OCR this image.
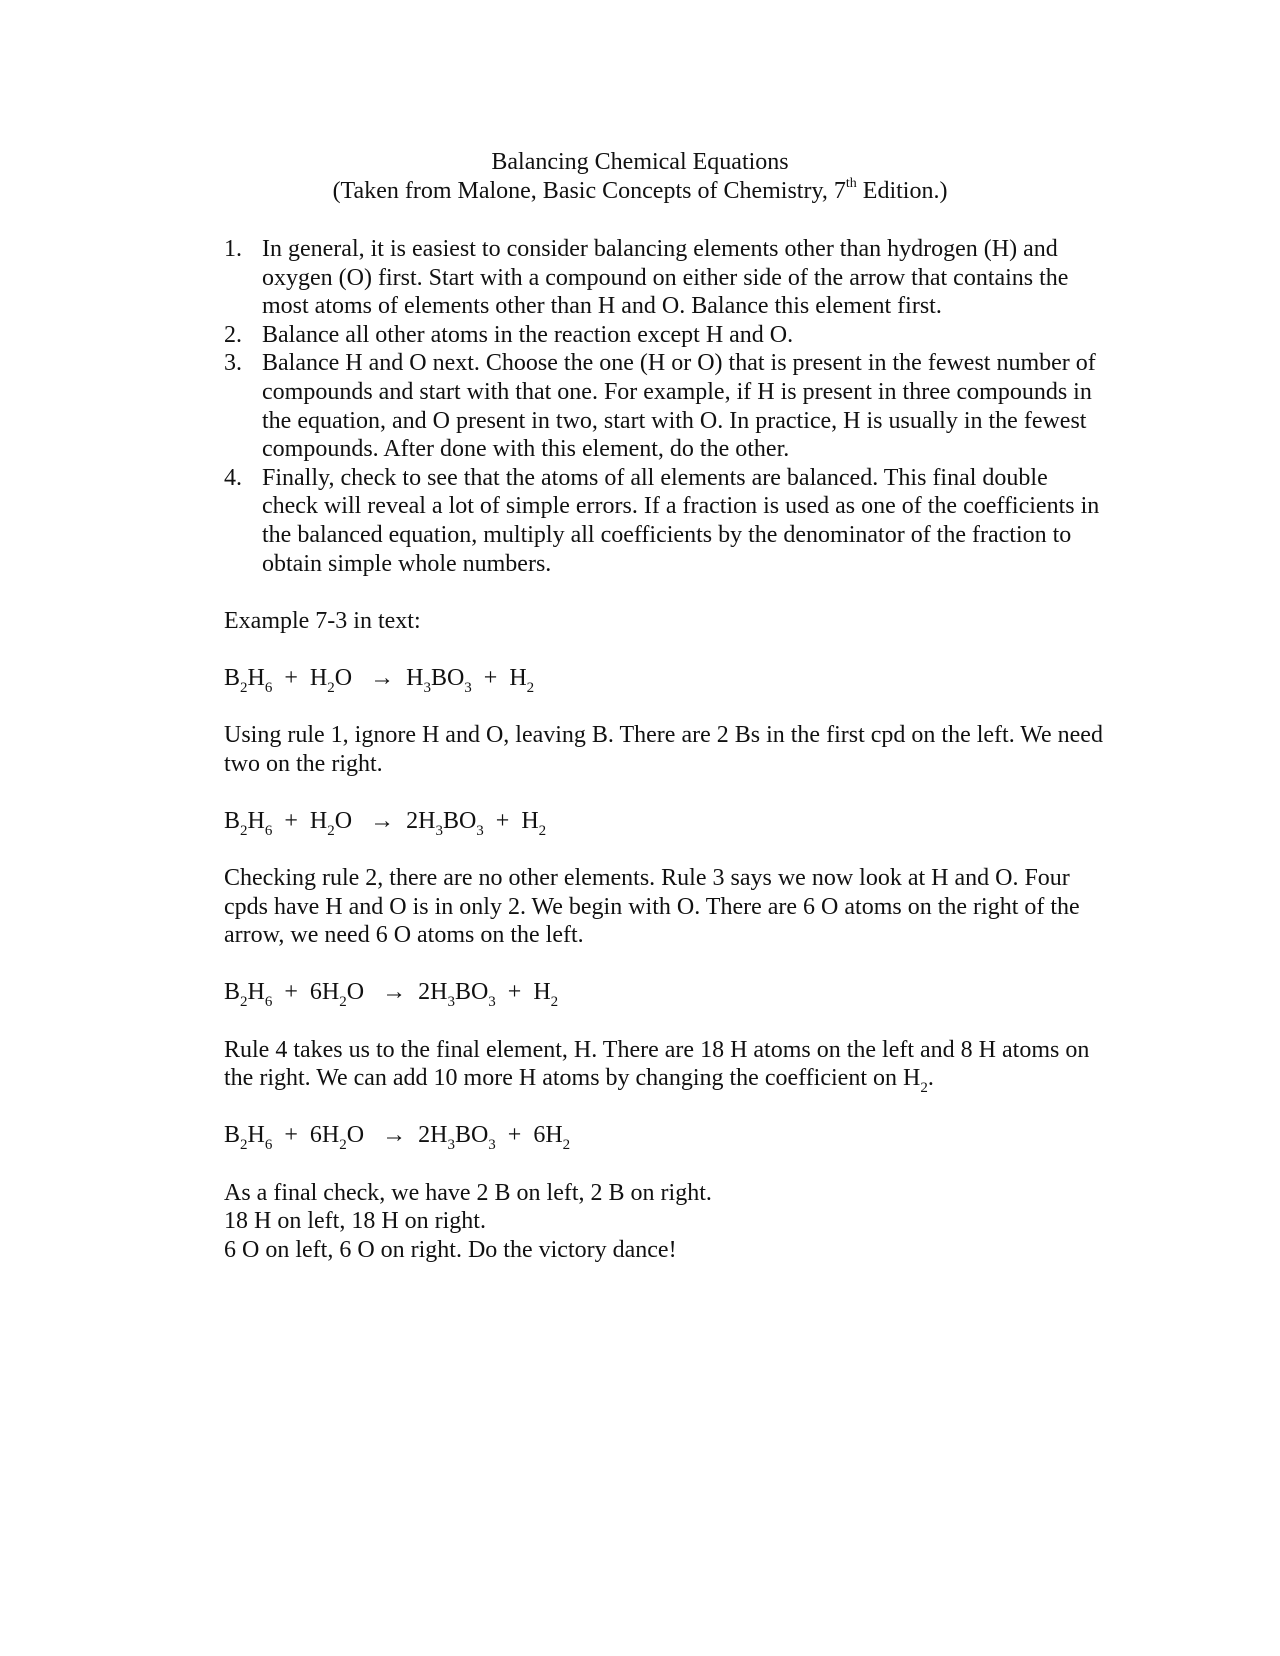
Balancing Chemical Equations
(Taken from Malone, Basic Concepts of Chemistry, 7th Edition.)
1. In general, it is easiest to consider balancing elements other than hydrogen (H) and oxygen (O) first. Start with a compound on either side of the arrow that contains the most atoms of elements other than H and O. Balance this element first.
2. Balance all other atoms in the reaction except H and O.
3. Balance H and O next. Choose the one (H or O) that is present in the fewest number of compounds and start with that one. For example, if H is present in three compounds in the equation, and O present in two, start with O. In practice, H is usually in the fewest compounds. After done with this element, do the other.
4. Finally, check to see that the atoms of all elements are balanced. This final double check will reveal a lot of simple errors. If a fraction is used as one of the coefficients in the balanced equation, multiply all coefficients by the denominator of the fraction to obtain simple whole numbers.

Example 7-3 in text:

$B_2H_6 + H_2O \to H_3BO_3 + H_2$

Using rule 1, ignore H and O, leaving B. There are 2 Bs in the first cpd on the left. We need two on the right.

$B_2H_6 + H_2O \to 2H_3BO_3 + H_2$

Checking rule 2, there are no other elements. Rule 3 says we now look at H and O. Four cpds have H and O is in only 2. We begin with O. There are 6 O atoms on the right of the arrow, we need 6 O atoms on the left.

$B_2H_6 + 6H_2O \to 2H_3BO_3 + H_2$

Rule 4 takes us to the final element, H. There are 18 H atoms on the left and 8 H atoms on the right. We can add 10 more H atoms by changing the coefficient on $H_2$.

$B_2H_6 + 6H_2O \to 2H_3BO_3 + 6H_2$

As a final check, we have 2 B on left, 2 B on right.

18 H on left, 18 H on right.

6 O on left, 6 O on right. Do the victory dance!
